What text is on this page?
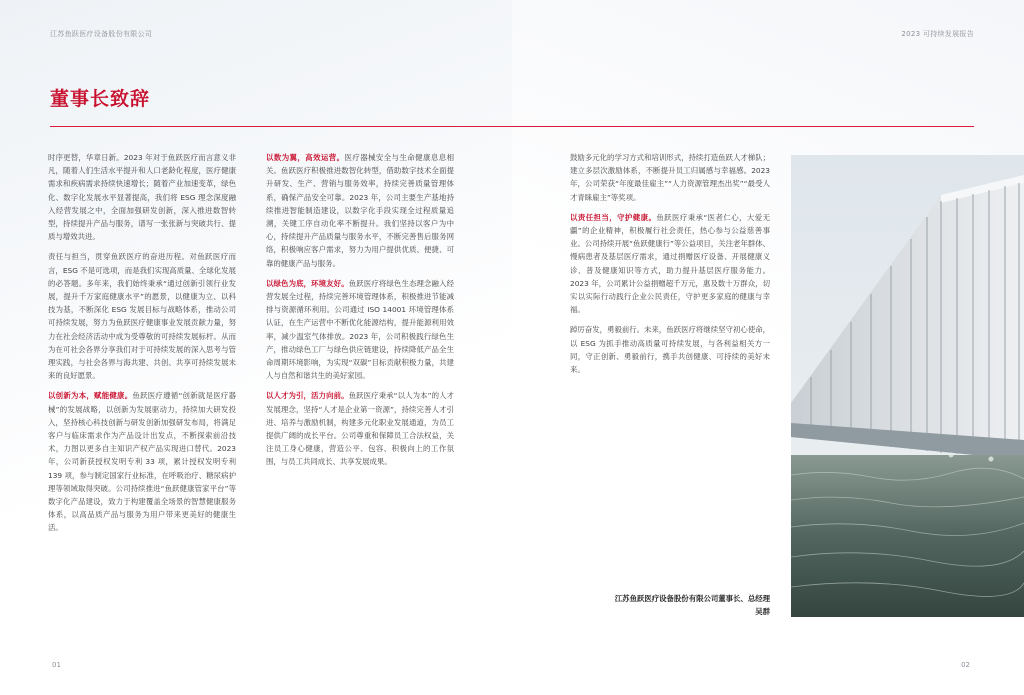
江苏鱼跃医疗设备股份有限公司	2023 可持续发展报告
董事长致辞

时序更替，华章日新。2023 年对于鱼跃医疗而言意义非凡，随着人们生活水平提升和人口老龄化程度，医疗健康需求和疾病需求持续快速增长；随着产业加速变革，绿色化、数字化发展水平显著提高，我们将 ESG 理念深度融入经营发展之中，全面加强研发创新，深入推进数智转型，持续提升产品与服务，谱写一张张新与突破共行、提质与增效共进。

责任与担当，贯穿鱼跃医疗的奋进历程。对鱼跃医疗而言，ESG 不是可选项，而是我们实现高质量、全球化发展的必答题。多年来，我们始终秉承“通过创新引领行业发展，提升千万家庭健康水平”的愿景，以健康为立、以科技为基，不断深化 ESG 发展目标与战略体系，推动公司可持续发展，努力为鱼跃医疗健康事业发展贡献力量，努力在社会经济活动中成为受尊敬的可持续发展标杆。从而为在可社会各界分享我们对于可持续发展的深入思考与管理实践，与社会各界与海共建、共创、共享可持续发展未来的良好愿景。

以创新为本，赋能健康。鱼跃医疗遵循“创新就是医疗器械”的发展战略，以创新为发展驱动力，持续加大研发投入，坚持核心科技创新与研发创新加强研发布局，将满足客户与临床需求作为产品设计出发点，不断探索前沿技术，力图以更多自主知识产权产品实现进口替代。2023 年，公司新获授权发明专利 33 项，累计授权发明专利 139 项，参与制定国家行业标准，在呼吸治疗、糖尿病护理等领域取得突破。公司持续推进“鱼跃健康管家平台”等数字化产品建设，致力于构建覆盖全场景的智慧健康服务体系，以高品质产品与服务为用户带来更美好的健康生活。

以数为翼，高效运营。医疗器械安全与生命健康息息相关。鱼跃医疗积极推进数智化转型，借助数字技术全面提升研发、生产、营销与服务效率，持续完善质量管理体系，确保产品安全可靠。2023 年，公司主要生产基地持续推进智能制造建设，以数字化手段实现全过程质量追溯，关键工序自动化率不断提升。我们坚持以客户为中心，持续提升产品质量与服务水平，不断完善售后服务网络，积极响应客户需求，努力为用户提供优质、便捷、可靠的健康产品与服务。

以绿色为底，环境友好。鱼跃医疗将绿色生态理念融入经营发展全过程，持续完善环境管理体系，积极推进节能减排与资源循环利用。公司通过 ISO 14001 环境管理体系认证，在生产运营中不断优化能源结构，提升能源利用效率，减少温室气体排放。2023 年，公司积极践行绿色生产，推动绿色工厂与绿色供应链建设，持续降低产品全生命周期环境影响，为实现“双碳”目标贡献积极力量，共建人与自然和谐共生的美好家园。

以人才为引，活力向前。鱼跃医疗秉承“以人为本”的人才发展理念，坚持“人才是企业第一资源”，持续完善人才引进、培养与激励机制，构建多元化职业发展通道，为员工提供广阔的成长平台。公司尊重和保障员工合法权益，关注员工身心健康，营造公平、包容、积极向上的工作氛围，与员工共同成长、共享发展成果。

鼓励多元化的学习方式和培训形式，持续打造鱼跃人才梯队；建立多层次激励体系，不断提升员工归属感与幸福感。2023 年，公司荣获“年度最佳雇主”“人力资源管理杰出奖”“最受人才青睐雇主”等奖项。

以责任担当，守护健康。鱼跃医疗秉承“医者仁心，大爱无疆”的企业精神，积极履行社会责任，热心参与公益慈善事业。公司持续开展“鱼跃健康行”等公益项目，关注老年群体、慢病患者及基层医疗需求，通过捐赠医疗设备、开展健康义诊、普及健康知识等方式，助力提升基层医疗服务能力。2023 年，公司累计公益捐赠超千万元，惠及数十万群众，切实以实际行动践行企业公民责任，守护更多家庭的健康与幸福。

踔厉奋发，勇毅前行。未来，鱼跃医疗将继续坚守初心使命，以 ESG 为抓手推动高质量可持续发展，与各利益相关方一同，守正创新、勇毅前行，携手共创健康、可持续的美好未来。

江苏鱼跃医疗设备股份有限公司董事长、总经理
吴群
01	02
